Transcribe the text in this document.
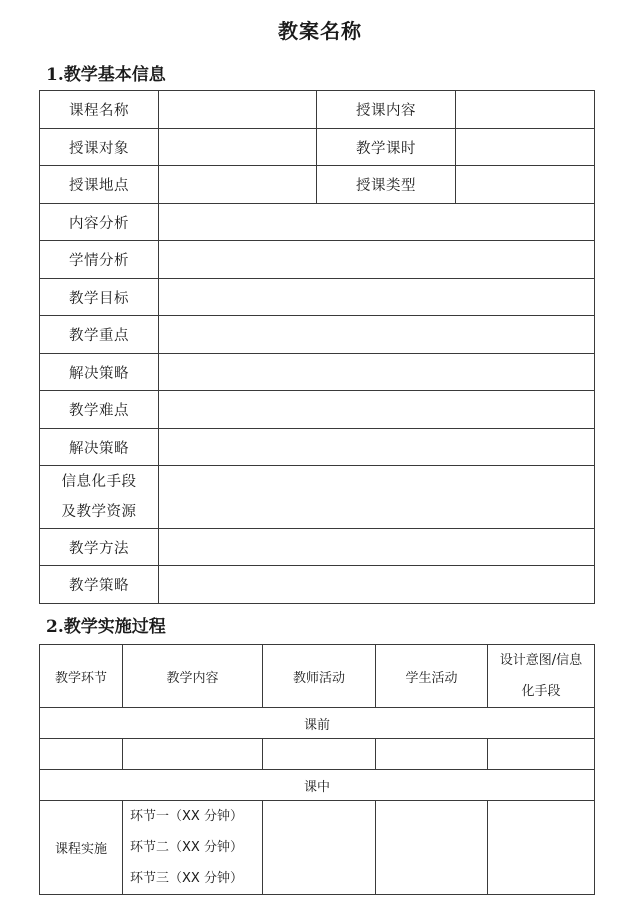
教案名称
1.教学基本信息
课程名称		授课内容	
授课对象		教学课时	
授课地点		授课类型	
内容分析			
学情分析			
教学目标			
教学重点			
解决策略			
教学难点			
解决策略			

信息化手段
及教学资源			

教学方法			
教学策略			
2.教学实施过程
教学环节	教学内容	教师活动	学生活动	设计意图/信息
化手段

课前				

课中				
课程实施	环节一（XX 分钟）
环节二（XX 分钟）
环节三（XX 分钟）			
